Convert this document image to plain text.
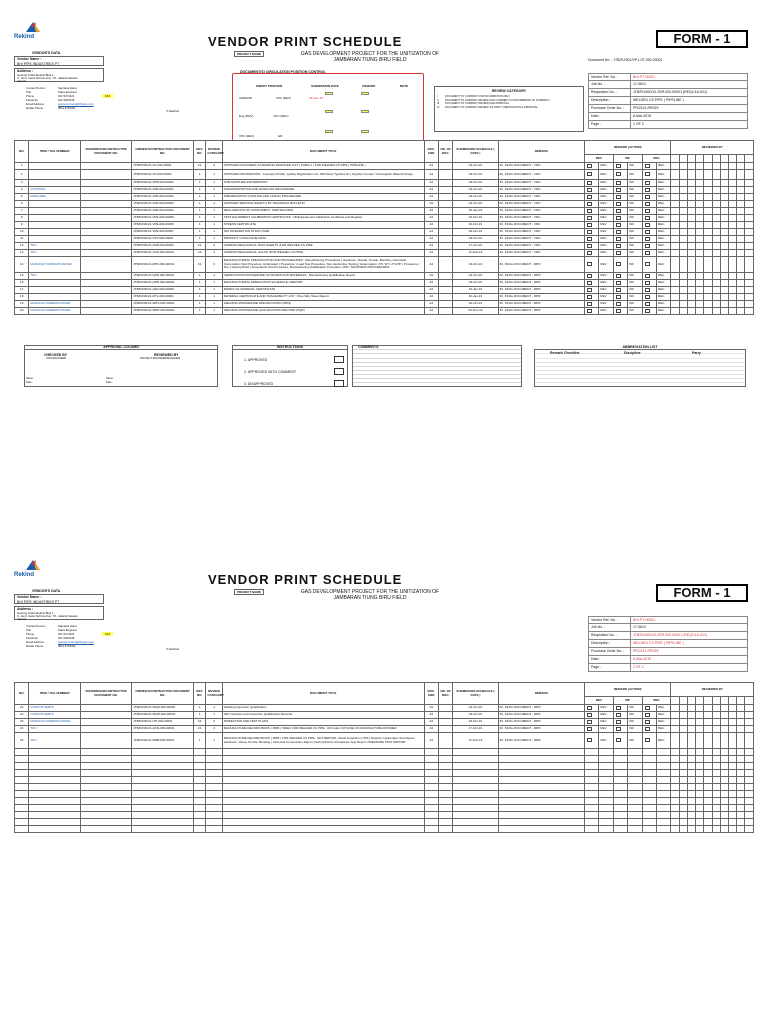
Rekind	VENDOR PRINT SCHEDULE	FORM - 1
PROJECT NAME	GAS DEVELOPMENT PROJECT FOR THE UNITIZATION OF
JAMBARAN TIUNG BIRU FIELD	Document No. : JTB/RJ/001/VP-LST-000-00001
VENDOR'S DATA
Vendor Name :
BHI PIPE INDUSTRIES PT
Address :
Gedung Graha Rekind Blok 1 ...
Jl. Jend. Gatot Subroto Kav. 78 - Jakarta Selatan
Jakarta
Contact Person	Sapriana Hana
Title	Sales Engineer
Phone	021 5274321	FAX
Facsimile	021 5262345
Email Address	sapriana.hana@bhipipe.com
Mobile Phone	0811 8754391
*if attached
DOCUMENT(S) CIRCULATION POSITION CONTROL
CREDIT POSITION	SUBMISSION DATE	REMARK	NOTE
VENDOR	VPC (REV)	04-Dec-19
Eng (REV)	VPC (REV)
VPC (REV)	ER
REVIEW CATEGORY
I	DOCUMENT TO COMPANY FOR INFORMATION ONLY
II	DOCUMENT TO COMPANY REVIEW AND COMMENT (CONCURRENCE OF COMPANY)
III	DOCUMENT TO COMPANY REVIEW AND APPROVAL
IV	DOCUMENT TO COMPANY REVIEW 3rd PARTY VERIFICATION & APPROVAL
Vendor Ref. No. :	BHI-PT-00001
Job No. :	17-3612
Requisition No. :	JTB/RJ/400/10-3SR-000-00001 (REQ1/1A-021)
Description :	WELDED CS PIPE ( PIPELINE )
Purchase Order No. :	PR/2112-RR029
Date :	6-Mar-2019
Page :	1 OF 2
NO.	ITEM / TAG NUMBER	VENDOR/SUBCONTRACTOR DOCUMENT NO.	OWNER'S/CONTRACTOR DOCUMENT NO.	REV. NO.	REVIEW CATEGORY	DOCUMENT TITLE	DOC. SIZE	NO. OF DOC.	SUBMISSION SCHEDULE ( DATE )	REMARK	REMARK (ACTION)						REVIEWED BY									
											REV		INF		REC											
1			JTB/RJ/001/1-VF-000-00001	C1	3	SUPPLIER DOCUMENT & DRAWING REGISTER LIST ( FORM 1 ) FOR WELDED CS PIPE ( PIPELINE )	A4		04-Oct-19	IFI, FINAL DOCUMENT - VMC		REV		INF		REC										
2			JTB/RJ/001/1-VP-000-00001	1	1	SUPPLIER INFORMATION : Company Profile, Quality Registration List, Mill Name Typical List ( Supplier Contact / Subsupplier Material Scope	A4		04-Oct-19	IFI, FINAL DOCUMENT - VMC		REV		INF		REC										
3			JTB/RJ/001/1-VPB-000-00001	1	1	SUB-SUPPLIER INFORMATION	A4		04-Oct-19	IFI, FINAL DOCUMENT - VMC		REV		INF		REC										
4	CS PIPING		JTB/RJ/001/1-VPE-000-00001	1	1	TRANSPORTATION AND HANDLING PROCEDURE	A4		04-Oct-19	IFI, FINAL DOCUMENT - VMC		REV		INF		REC										
5	PIPELINES		JTB/RJ/001/1-VPE-000-00002	1	1	PRESERVATION (COATING AND LINING) PROCEDURE	A4		04-Oct-19	IFI, FINAL DOCUMENT - VMC		REV		INF		REC										
6			JTB/RJ/001/1-VPE-000-00003	1	1	SUPPLIER SERVICE (SAFETY) BY TECHNICAL BULLETIN	A4		04-Oct-19	IFI, FINAL DOCUMENT - VMC		REV		INF		REC										
7			JTB/RJ/001/1-VPE-000-00004	1	1	DECLARATION OF CONFORMITY CERTIFICATES	A4		16-Jan-19	IFI, FINAL DOCUMENT - VMC		REV		INF		REC										
8			JTB/RJ/001/1-VPE-000-00005	1	1	TEST EQUIPMENT CALIBRATION CERTIFICATE : NDE Equipment Calibration Certificate and Register	A4		04-Oct-19	IFI, FINAL DOCUMENT - VMC		REV		INF		REC										
9			JTB/RJ/001/1-VPE-000-00006	1	1	STRESS CERTIFICATE	A4		04-Oct-19	IFI, FINAL DOCUMENT - VMC		REV		INF		REC										
10			JTB/RJ/001/1-VPE-000-00007	1	1	ISO INTEGRATION STRUCTURE	A4		04-Oct-19	IFI, FINAL DOCUMENT - VMC		REV		INF		REC										
11			JTB/RJ/001/1-VST-000-00001	1	1	PRODUCT CATALOGUE DATA	A4		04-Oct-19	IFI, FINAL DOCUMENT - VMC		REV		INF		REC										
12	TDU		JTB/RJ/001/1-VDB-000-00001	C1	3	VENDOR MECHANICAL DATA SHEETS (FOR WELDED CS PIPE	A4		17-Oct-19	IFI, FINAL DOCUMENT - VMC		REV		INF		REC										
13	TDU		JTB/RJ/001/1-VCD-000-00001	C1	3	VENDOR MECHANICAL CALCS (FOR WELDED CS PIPE)	A4		11-Feb-19	IFI, FINAL DOCUMENT - VMC		REV		INF		REC										
14	MANUFACTURING/PCOATER		JTB/RJ/001/1-MPS-000-00001	C1	3	MANUFACTURING SPECIFICATION AND PROCEDURES : Manufacturing Procedures ( Hardness, Visuals, Tensile, Bending ) Chemical Composition Test Procedure, Hydrostatic ( Procedure ) Load Test Procedure, Non destructive Testing ( Examination ) PC WT, UT ETP ( Procedure ) Fire ( Factory/Field ) Acceptance Test Procedure, Manufacturing Qualification Procedure, PMI / THICKNESS PROCEDURES	A4		04-Oct-19	IFI, FINAL DOCUMENT - MPR		REV		INF		REC										
15	TDU		JTB/RJ/001/1-QPR-000-00001	1	1	VERIFICATION PROCEDURE OF WORKS AND MATERIALS : Manufacturing Qualification Report	A4		04-Oct-19	IFI, FINAL DOCUMENT - MPR		REV		INF		REC										
16			JTB/RJ/001/1-QPR-000-00002	1	1	MANUFACTURING FABRICATION SCHEDULE / REPORT	A4		04-Oct-19	IFI, FINAL DOCUMENT - MPR		REV		INF		REC										
17			JTB/RJ/001/1-QEV-000-00003	1	1	MARKS OF MATERIAL CERTIFICATE	A4		16-Jan-19	IFI, FINAL DOCUMENT - MPR		REV		INF		REC										
18			JTB/RJ/001/1-MTL-000-00001	1	1	MATERIAL CERTIFICATE AND TRACEABILITY LIST : Pipe Tally Sheet Report	A4		16-Jan-19	IFI, FINAL DOCUMENT - MPR		REV		INF		REC										
19	MANUFACTURER/PCOATER		JTB/RJ/001/1-WPS-000-00001	1	1	WELDING PROCEDURE SPECIFICATION (WPS)	A4		04-Oct-19	IFI, FINAL DOCUMENT - MPR		REV		INF		REC										
20	MANUFACTURER/PCOATER		JTB/RJ/001/1-WPR-000-00001	1	1	WELDING PROCEDURE QUALIFICATION RECORD (PQR)	A4		04-Nov-19	IFI, FINAL DOCUMENT - MPR		REV		INF		REC										
APPROVAL COLUMN
CHECKED BY	REVIEWED BY
JOIN ENGINEER	PROJECT ENGINEER/MANAGER
Name :
Date :
Name :
Date :
INSTRUCTIONS
1. APPROVED
2. APPROVED WITH COMMENT
3. DISAPPROVED
COMMENTS	ABBREVIATION LIST
Remark Checklist	Discipline	Party
Rekind	VENDOR PRINT SCHEDULE
FORM - 1
PROJECT NAME	GAS DEVELOPMENT PROJECT FOR THE UNITIZATION OF
JAMBARAN TIUNG BIRU FIELD
VENDOR'S DATA
Vendor Name :
BHI PIPE INDUSTRIES PT
Address :
Gedung Graha Rekind Blok 1 ...
Jl. Jend. Gatot Subroto Kav. 78 - Jakarta Selatan
Jakarta
Contact Person	Sapriana Hana
Title	Sales Engineer
Phone	021 5274321	FAX
Facsimile	021 5262345
Email Address	sapriana.hana@bhipipe.com
Mobile Phone	0811 8754391
*if attached
Vendor Ref. No. :	BHI-PT-00001
Job No. :	17-3612
Requisition No. :	JTB/RJ/400/10-3SR-000-00001 (REQ1/1A-021)
Description :	WELDED CS PIPE ( PIPELINE )
Purchase Order No. :	PR/2112-RR029
Date :	6-Mar-2019
Page :	2 OF 2
NO.	ITEM / TAG NUMBER	VENDOR/SUBCONTRACTOR DOCUMENT NO.	OWNER'S/CONTRACTOR DOCUMENT NO.	REV. NO.	REVIEW CATEGORY	DOCUMENT TITLE	DOC. SIZE	NO. OF DOC.	SUBMISSION SCHEDULE ( DATE )	REMARK	REMARK (ACTION)						REVIEWED BY									
											REV		INF		REC											
21	CONSTITUENTS		JTB/RJ/001/1-WQR-000-00002	1	1	Welding Inspection Qualification	A4		04-Oct-19	IFI, FINAL DOCUMENT - MPR		REV		INF		REC										
22	CONSTITUENTS		JTB/RJ/001/1-WQR-000-00003	1	1	NDT Operator and Inspection Qualification Records	A4		04-Oct-19	IFI, FINAL DOCUMENT - MPR		REV		INF		REC										
23	MANUFACTURER/PCOATER		JTB/RJ/001/1-ITP-000-00001	C1	3	INSPECTION AND TEST PLANS	A4		04-Oct-19	IFI, FINAL DOCUMENT - MPR		REV		INF		REC										
24	TDU		JTB/RJ/001/1-QCR-000-00001	C1	3	MANUFACTURE RECORD BOOK ( MRB ) INDEX FOR WELDED CS PIPE : OR Index OUTLINE OF MANUFACTURE DOSSIER	A4		17-Oct-19	IFI, FINAL DOCUMENT - MPR		REV		INF		REC										
25	TDU		JTB/RJ/001/1-MRB-000-00001	1	1	MANUFACTURE RECORD BOOK ( MRB ) FOR WELDED CS PIPE : NDT REPORT, Visual Inspection ( PMI ) Reports, Hydrostatic Test Report, Hardness, Visual, Tensile, Bending ) Chemical Composition Report, Factory/Field ) Acceptance Test Report, PRESSURE TEST REPORT	A4		11-Feb-19	IFI, FINAL DOCUMENT - MPR		REV		INF		REC										
